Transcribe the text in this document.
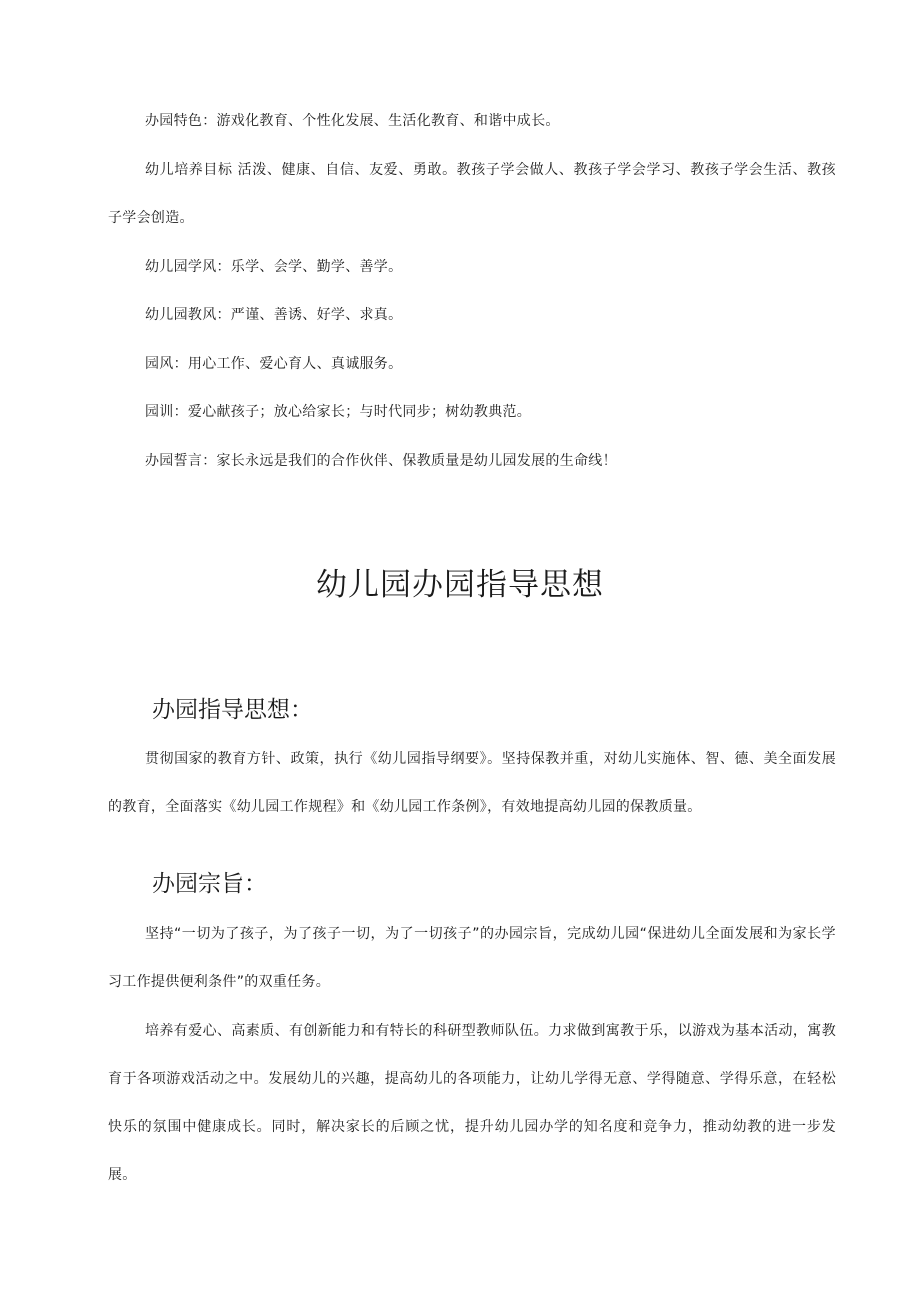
办园特色：游戏化教育、个性化发展、生活化教育、和谐中成长。

幼儿培养目标 活泼、健康、自信、友爱、勇敢。教孩子学会做人、教孩子学会学习、教孩子学会生活、教孩子学会创造。

幼儿园学风：乐学、会学、勤学、善学。

幼儿园教风：严谨、善诱、好学、求真。

园风：用心工作、爱心育人、真诚服务。

园训：爱心献孩子；放心给家长；与时代同步；树幼教典范。

办园誓言：家长永远是我们的合作伙伴、保教质量是幼儿园发展的生命线！

幼儿园办园指导思想
办园指导思想：

贯彻国家的教育方针、政策，执行《幼儿园指导纲要》。坚持保教并重，对幼儿实施体、智、德、美全面发展的教育，全面落实《幼儿园工作规程》和《幼儿园工作条例》，有效地提高幼儿园的保教质量。

办园宗旨：

坚持“一切为了孩子，为了孩子一切，为了一切孩子”的办园宗旨，完成幼儿园“保进幼儿全面发展和为家长学习工作提供便利条件”的双重任务。

培养有爱心、高素质、有创新能力和有特长的科研型教师队伍。力求做到寓教于乐，以游戏为基本活动，寓教育于各项游戏活动之中。发展幼儿的兴趣，提高幼儿的各项能力，让幼儿学得无意、学得随意、学得乐意，在轻松快乐的氛围中健康成长。同时，解决家长的后顾之忧，提升幼儿园办学的知名度和竞争力，推动幼教的进一步发展。
